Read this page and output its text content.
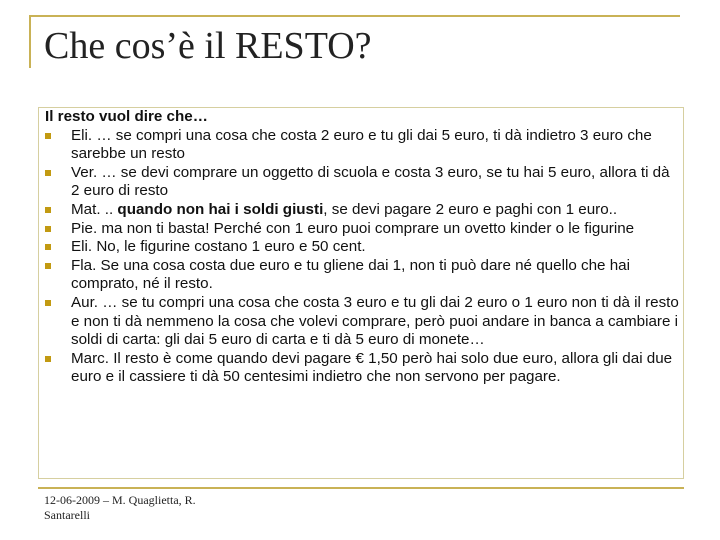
Che cos’è il RESTO?

Il resto vuol dire che…

Eli. … se compri una cosa che costa 2 euro e tu gli dai 5 euro, ti dà indietro 3 euro che sarebbe un resto
Ver. … se devi comprare un oggetto di scuola e costa 3 euro, se tu hai 5 euro, allora ti dà 2 euro di resto
Mat. .. quando non hai i soldi giusti, se devi pagare 2 euro e paghi con 1 euro..
Pie. ma non ti basta! Perché con 1 euro puoi comprare un ovetto kinder o le figurine
Eli. No, le figurine costano 1 euro e 50 cent.
Fla. Se una cosa costa due euro e tu gliene dai 1, non ti può dare né quello che hai comprato, né il resto.
Aur. … se tu compri una cosa che costa 3 euro e tu gli dai 2 euro o 1 euro non ti dà il resto e non ti dà nemmeno la cosa che volevi comprare, però puoi andare in banca a cambiare i soldi di carta: gli dai 5 euro di carta e ti dà 5 euro di monete…
Marc. Il resto è come quando devi pagare € 1,50 però hai solo due euro, allora gli dai due euro e il cassiere ti dà 50 centesimi indietro che non servono per pagare.
12-06-2009 – M. Quaglietta, R. Santarelli
